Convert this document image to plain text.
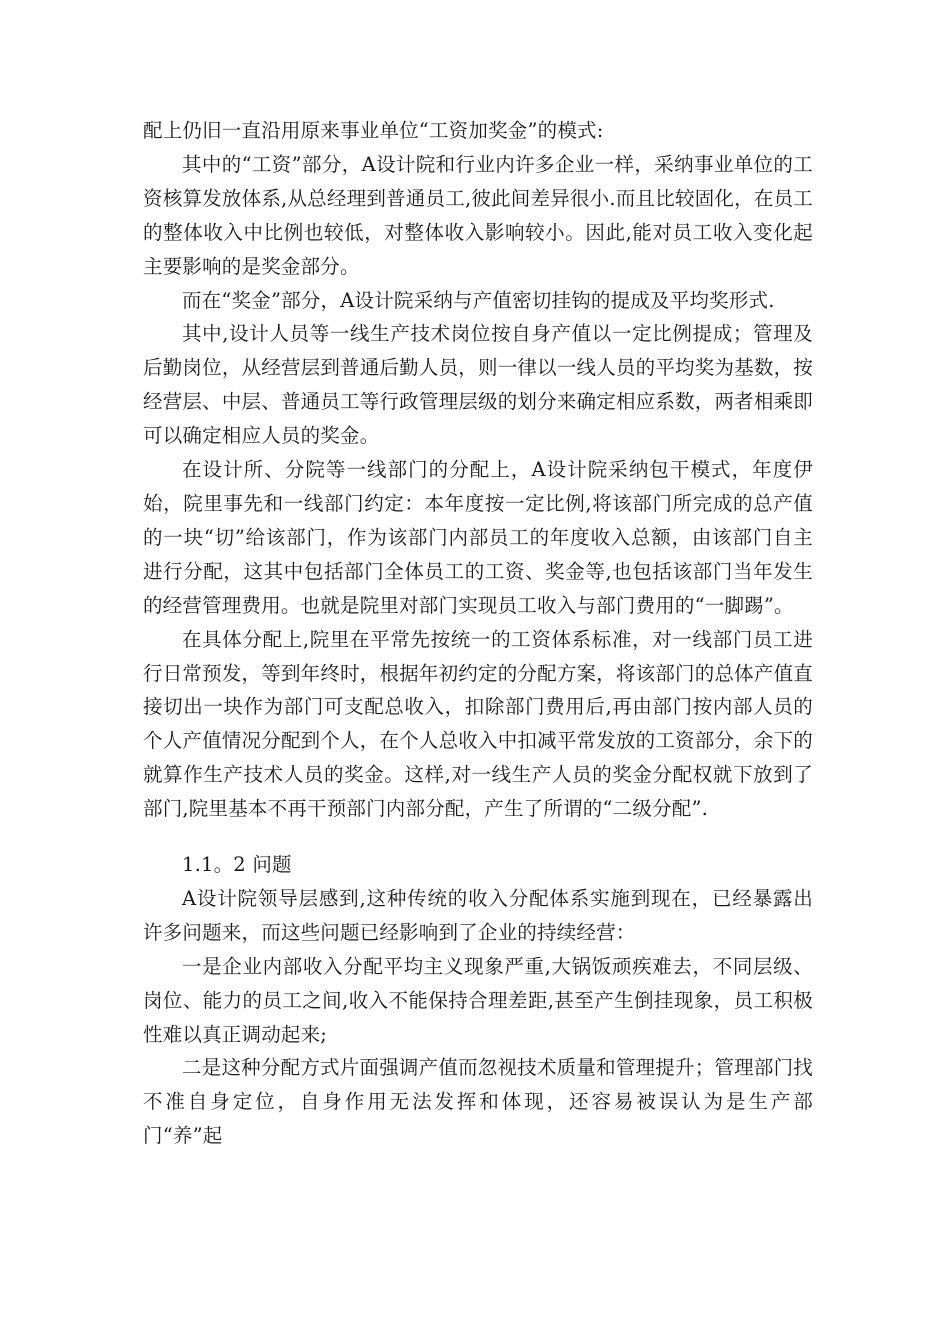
配上仍旧一直沿用原来事业单位“工资加奖金”的模式:

其中的“工资”部分，A设计院和行业内许多企业一样，采纳事业单位的工资核算发放体系,从总经理到普通员工,彼此间差异很小.而且比较固化，在员工的整体收入中比例也较低，对整体收入影响较小。因此,能对员工收入变化起主要影响的是奖金部分。

而在“奖金”部分，A设计院采纳与产值密切挂钩的提成及平均奖形式.

其中,设计人员等一线生产技术岗位按自身产值以一定比例提成；管理及后勤岗位，从经营层到普通后勤人员，则一律以一线人员的平均奖为基数，按经营层、中层、普通员工等行政管理层级的划分来确定相应系数，两者相乘即可以确定相应人员的奖金。

在设计所、分院等一线部门的分配上，A设计院采纳包干模式，年度伊始，院里事先和一线部门约定：本年度按一定比例,将该部门所完成的总产值的一块“切”给该部门，作为该部门内部员工的年度收入总额，由该部门自主进行分配，这其中包括部门全体员工的工资、奖金等,也包括该部门当年发生的经营管理费用。也就是院里对部门实现员工收入与部门费用的“一脚踢”。

在具体分配上,院里在平常先按统一的工资体系标准，对一线部门员工进行日常预发，等到年终时，根据年初约定的分配方案，将该部门的总体产值直接切出一块作为部门可支配总收入，扣除部门费用后,再由部门按内部人员的个人产值情况分配到个人，在个人总收入中扣减平常发放的工资部分，余下的就算作生产技术人员的奖金。这样,对一线生产人员的奖金分配权就下放到了部门,院里基本不再干预部门内部分配，产生了所谓的“二级分配”.

1.1。2 问题

A设计院领导层感到,这种传统的收入分配体系实施到现在，已经暴露出许多问题来，而这些问题已经影响到了企业的持续经营：

一是企业内部收入分配平均主义现象严重,大锅饭顽疾难去，不同层级、岗位、能力的员工之间,收入不能保持合理差距,甚至产生倒挂现象，员工积极性难以真正调动起来;

二是这种分配方式片面强调产值而忽视技术质量和管理提升；管理部门找不准自身定位，自身作用无法发挥和体现，还容易被误认为是生产部门“养”起
